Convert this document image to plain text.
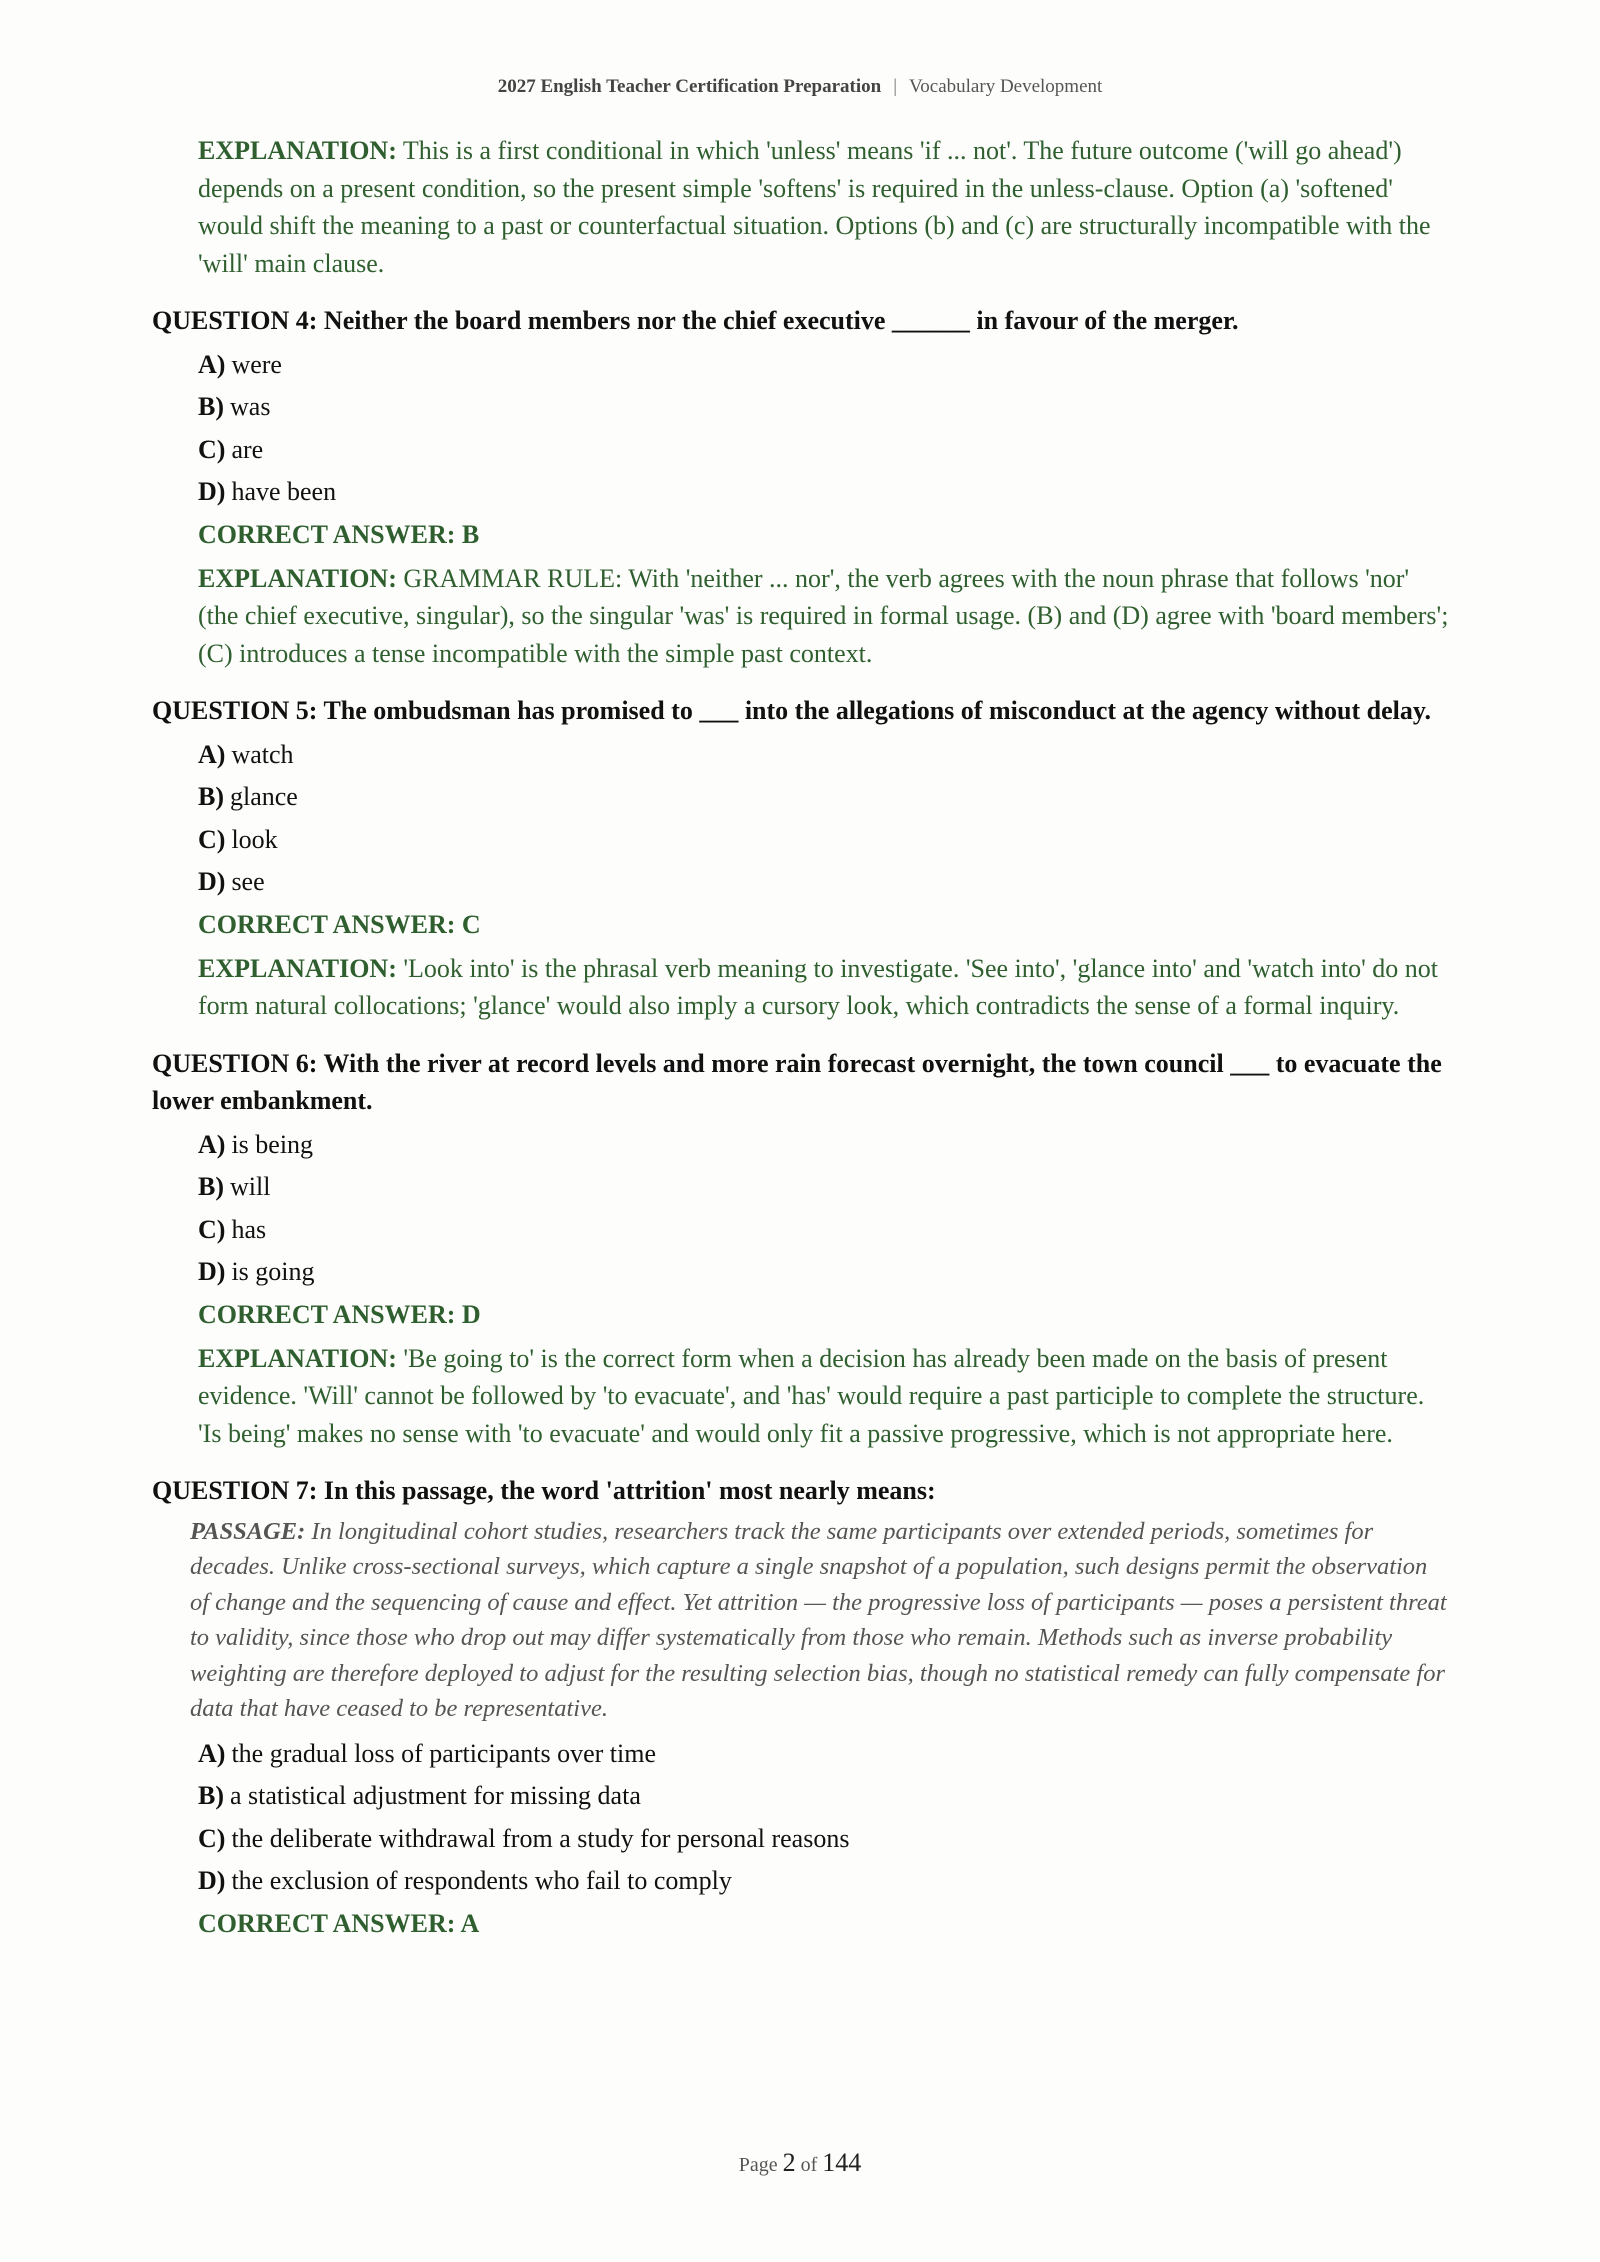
2027 English Teacher Certification Preparation | Vocabulary Development
EXPLANATION: This is a first conditional in which 'unless' means 'if ... not'. The future outcome ('will go ahead') depends on a present condition, so the present simple 'softens' is required in the unless-clause. Option (a) 'softened' would shift the meaning to a past or counterfactual situation. Options (b) and (c) are structurally incompatible with the 'will' main clause.
QUESTION 4: Neither the board members nor the chief executive ______ in favour of the merger.
A) were
B) was
C) are
D) have been
CORRECT ANSWER: B
EXPLANATION: GRAMMAR RULE: With 'neither ... nor', the verb agrees with the noun phrase that follows 'nor' (the chief executive, singular), so the singular 'was' is required in formal usage. (B) and (D) agree with 'board members'; (C) introduces a tense incompatible with the simple past context.
QUESTION 5: The ombudsman has promised to ___ into the allegations of misconduct at the agency without delay.
A) watch
B) glance
C) look
D) see
CORRECT ANSWER: C
EXPLANATION: 'Look into' is the phrasal verb meaning to investigate. 'See into', 'glance into' and 'watch into' do not form natural collocations; 'glance' would also imply a cursory look, which contradicts the sense of a formal inquiry.
QUESTION 6: With the river at record levels and more rain forecast overnight, the town council ___ to evacuate the lower embankment.
A) is being
B) will
C) has
D) is going
CORRECT ANSWER: D
EXPLANATION: 'Be going to' is the correct form when a decision has already been made on the basis of present evidence. 'Will' cannot be followed by 'to evacuate', and 'has' would require a past participle to complete the structure. 'Is being' makes no sense with 'to evacuate' and would only fit a passive progressive, which is not appropriate here.
QUESTION 7: In this passage, the word 'attrition' most nearly means:
PASSAGE: In longitudinal cohort studies, researchers track the same participants over extended periods, sometimes for decades. Unlike cross-sectional surveys, which capture a single snapshot of a population, such designs permit the observation of change and the sequencing of cause and effect. Yet attrition — the progressive loss of participants — poses a persistent threat to validity, since those who drop out may differ systematically from those who remain. Methods such as inverse probability weighting are therefore deployed to adjust for the resulting selection bias, though no statistical remedy can fully compensate for data that have ceased to be representative.
A) the gradual loss of participants over time
B) a statistical adjustment for missing data
C) the deliberate withdrawal from a study for personal reasons
D) the exclusion of respondents who fail to comply
CORRECT ANSWER: A
Page 2 of 144
